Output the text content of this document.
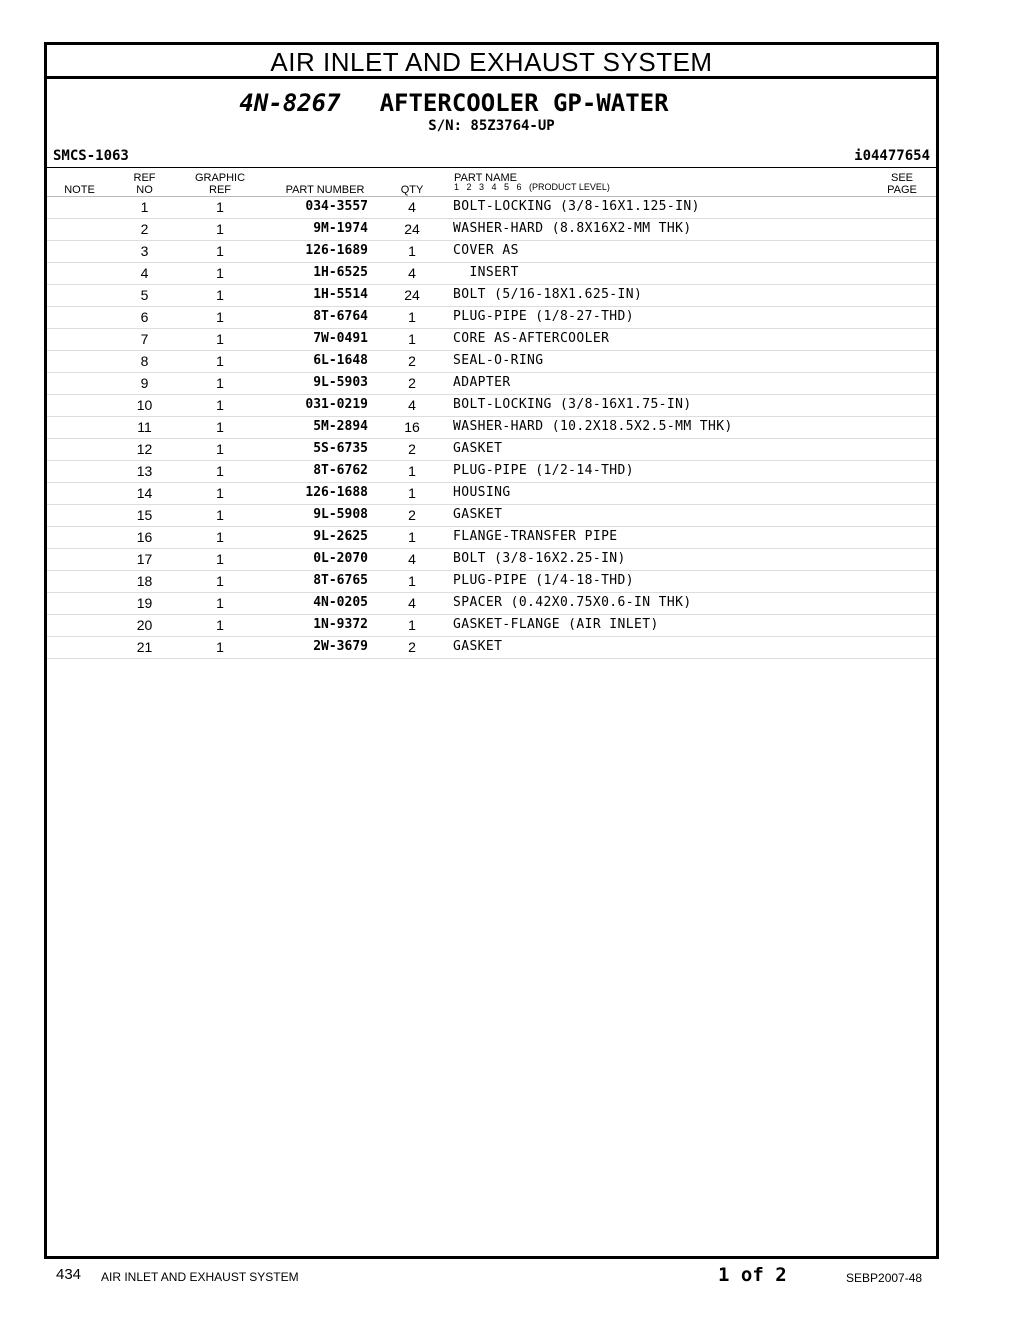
AIR INLET AND EXHAUST SYSTEM
4N-8267 AFTERCOOLER GP-WATER
S/N: 85Z3764-UP
SMCS-1063	i04477654
NOTE
REF
NO
GRAPHIC
REF	PART NUMBER	QTY
PART NAME
1   2   3   4   5   6   (PRODUCT LEVEL)
SEE
PAGE
1	1	034-3557	4	BOLT-LOCKING (3/8-16X1.125-IN)
2	1	9M-1974	24	WASHER-HARD (8.8X16X2-MM THK)
3	1	126-1689	1	COVER AS
4	1	1H-6525	4	INSERT
5	1	1H-5514	24	BOLT (5/16-18X1.625-IN)
6	1	8T-6764	1	PLUG-PIPE (1/8-27-THD)
7	1	7W-0491	1	CORE AS-AFTERCOOLER
8	1	6L-1648	2	SEAL-O-RING
9	1	9L-5903	2	ADAPTER
10	1	031-0219	4	BOLT-LOCKING (3/8-16X1.75-IN)
11	1	5M-2894	16	WASHER-HARD (10.2X18.5X2.5-MM THK)
12	1	5S-6735	2	GASKET
13	1	8T-6762	1	PLUG-PIPE (1/2-14-THD)
14	1	126-1688	1	HOUSING
15	1	9L-5908	2	GASKET
16	1	9L-2625	1	FLANGE-TRANSFER PIPE
17	1	0L-2070	4	BOLT (3/8-16X2.25-IN)
18	1	8T-6765	1	PLUG-PIPE (1/4-18-THD)
19	1	4N-0205	4	SPACER (0.42X0.75X0.6-IN THK)
20	1	1N-9372	1	GASKET-FLANGE (AIR INLET)
21	1	2W-3679	2	GASKET
434 AIR INLET AND EXHAUST SYSTEM	1 of 2	SEBP2007-48
